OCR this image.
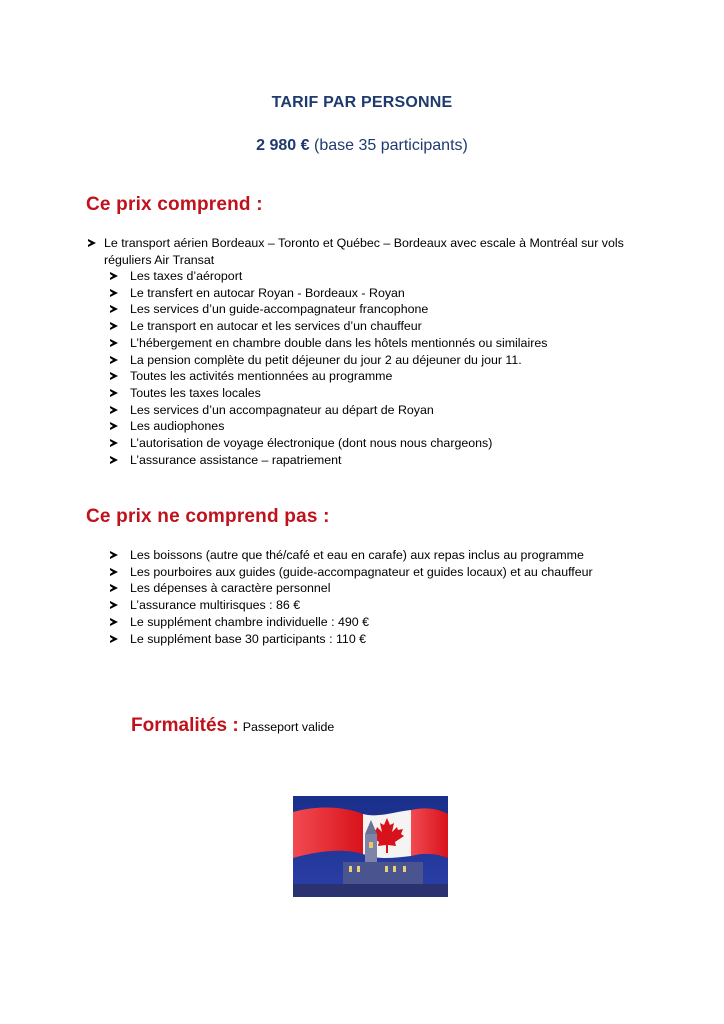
TARIF PAR PERSONNE
2 980 € (base 35 participants)
Ce prix comprend :
Le transport aérien Bordeaux – Toronto et Québec – Bordeaux avec escale à Montréal sur vols
réguliers Air Transat
Les taxes d’aéroport
Le transfert en autocar Royan - Bordeaux - Royan
Les services d’un guide-accompagnateur francophone
Le transport en autocar et les services d’un chauffeur
L’hébergement en chambre double dans les hôtels mentionnés ou similaires
La pension complète du petit déjeuner du jour 2 au déjeuner du jour 11.
Toutes les activités mentionnées au programme
Toutes les taxes locales
Les services d’un accompagnateur au départ de Royan
Les audiophones
L’autorisation de voyage électronique (dont nous nous chargeons)
L’assurance assistance – rapatriement
Ce prix ne comprend pas :
Les boissons (autre que thé/café et eau en carafe) aux repas inclus au programme
Les pourboires aux guides (guide-accompagnateur et guides locaux) et au chauffeur
Les dépenses à caractère personnel
L’assurance multirisques : 86 €
Le supplément chambre individuelle : 490 €
Le supplément base 30 participants : 110 €
Formalités : Passeport valide
